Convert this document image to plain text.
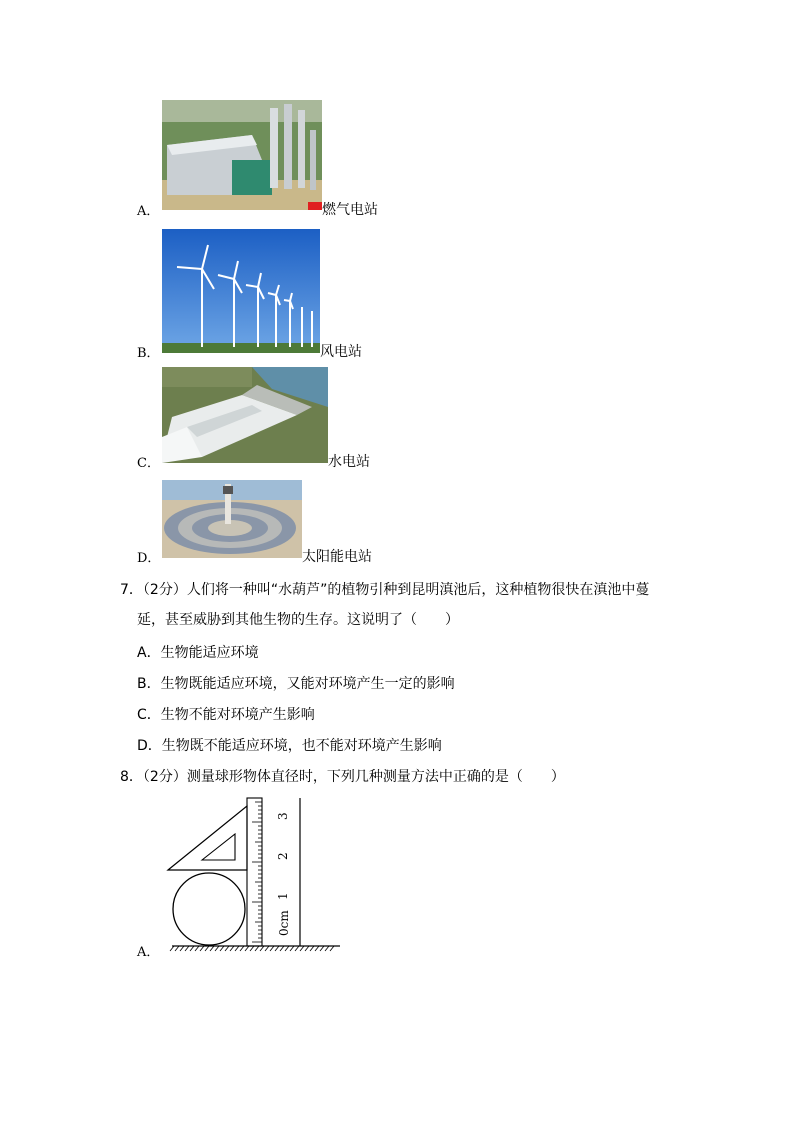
A．	燃气电站
B．	风电站
C．	水电站
D．	太阳能电站
7．（2分）人们将一种叫“水葫芦”的植物引种到昆明滇池后，这种植物很快在滇池中蔓
延，甚至威胁到其他生物的生存。这说明了（　　）
A．生物能适应环境
B．生物既能适应环境，又能对环境产生一定的影响
C．生物不能对环境产生影响
D．生物既不能适应环境，也不能对环境产生影响
8．（2分）测量球形物体直径时，下列几种测量方法中正确的是（　　）
A．
0cm
1
2
3
